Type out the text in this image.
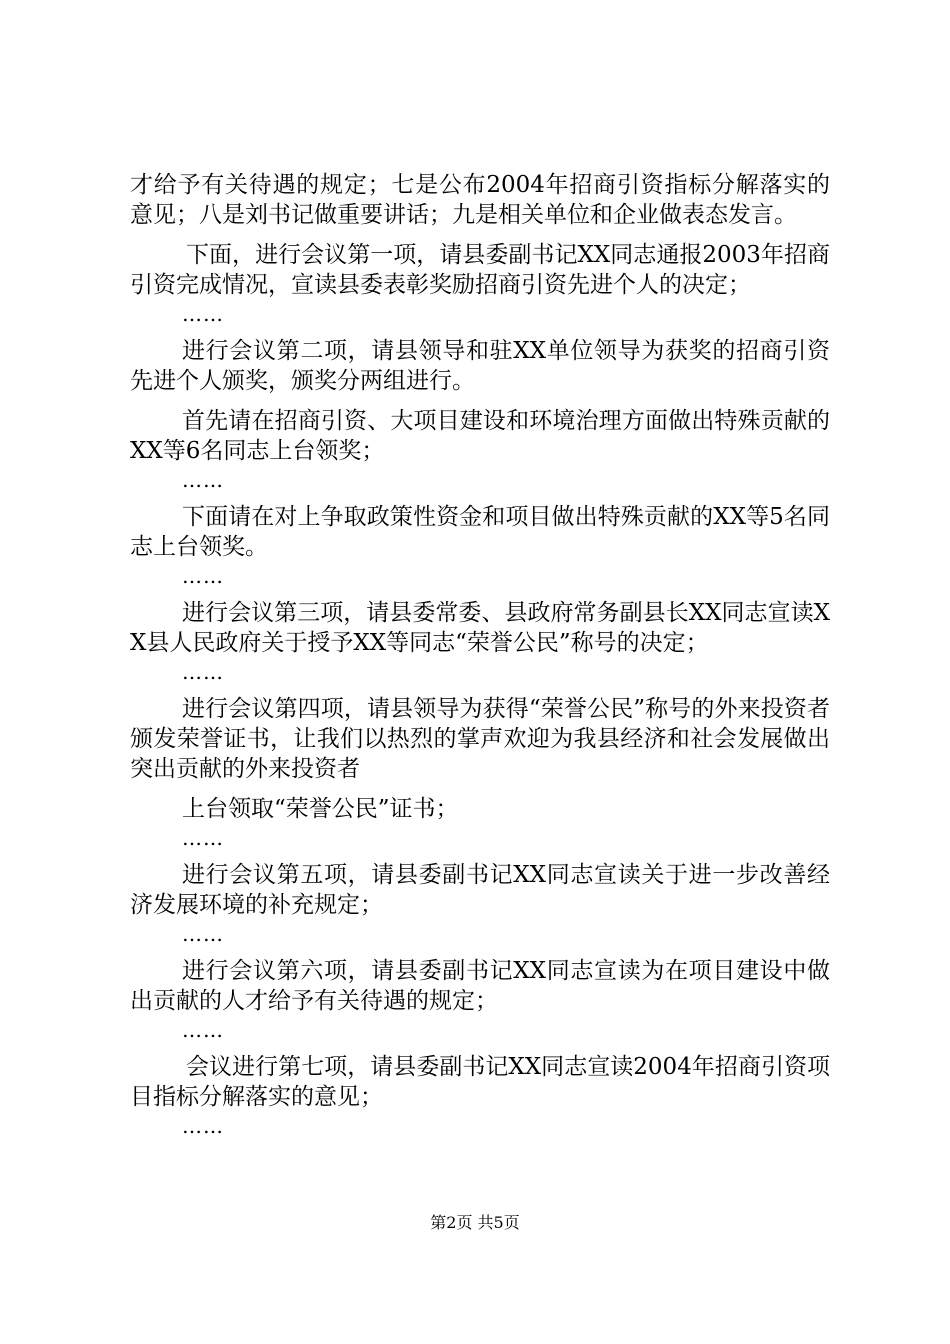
才给予有关待遇的规定；七是公布2004年招商引资指标分解落实的意见；八是刘书记做重要讲话；九是相关单位和企业做表态发言。

下面，进行会议第一项，请县委副书记XX同志通报2003年招商引资完成情况，宣读县委表彰奖励招商引资先进个人的决定；

……

进行会议第二项，请县领导和驻XX单位领导为获奖的招商引资先进个人颁奖，颁奖分两组进行。

首先请在招商引资、大项目建设和环境治理方面做出特殊贡献的XX等6名同志上台领奖；

……

下面请在对上争取政策性资金和项目做出特殊贡献的XX等5名同志上台领奖。

……

进行会议第三项，请县委常委、县政府常务副县长XX同志宣读XX县人民政府关于授予XX等同志“荣誉公民”称号的决定；

……

进行会议第四项，请县领导为获得“荣誉公民”称号的外来投资者颁发荣誉证书，让我们以热烈的掌声欢迎为我县经济和社会发展做出突出贡献的外来投资者

上台领取“荣誉公民”证书；

……

进行会议第五项，请县委副书记XX同志宣读关于进一步改善经济发展环境的补充规定；

……

进行会议第六项，请县委副书记XX同志宣读为在项目建设中做出贡献的人才给予有关待遇的规定；

……

会议进行第七项，请县委副书记XX同志宣读2004年招商引资项目指标分解落实的意见；

……
第2页 共5页
